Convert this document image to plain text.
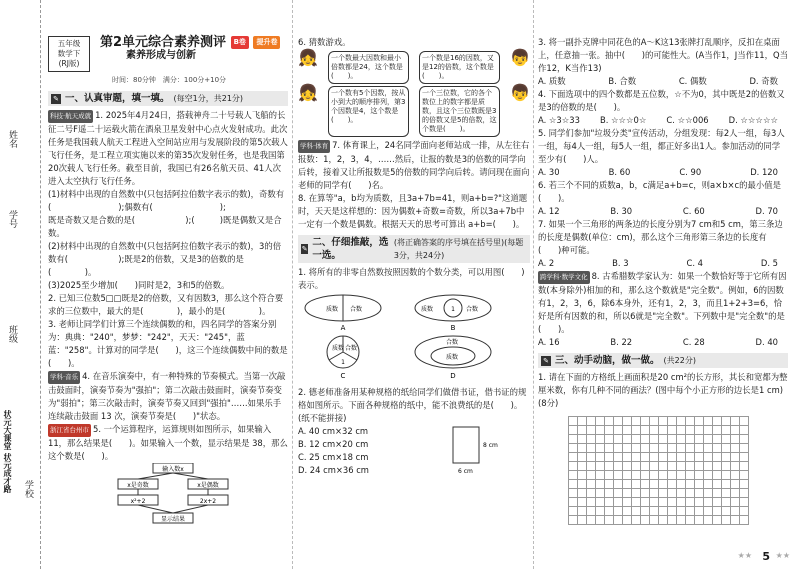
姓名
学号
班级
学校
状元大课堂 状元成才路
五年级
数学下
(RJ版)
第2单元综合素养测评 B卷 提升卷
素养形成与创新
时间：80分钟　满分：100分+10分
✎ 一、认真审题，填一填。 (每空1分，共21分)

科技·航天成就 1. 2025年4月24日，搭载神舟二十号载人飞船的长征二号F遥二十运载火箭在酒泉卫星发射中心点火发射成功。此次任务是我国载人航天工程进入空间站应用与发展阶段的第5次载人飞行任务，是工程立项实施以来的第35次发射任务，也是我国第20次载人飞行任务。截至目前，我国已有26名航天员、41人次进入太空执行飞行任务。

(1)材料中出现的自然数中(只包括阿拉伯数字表示的数)，奇数有(　　　　　　　　);偶数有(　　　　　　　　);

既是奇数又是合数的是(　　　　　　);(　　　)既是偶数又是合数。

(2)材料中出现的自然数中(只包括阿拉伯数字表示的数)，3的倍数有(　　　　　　);既是2的倍数，又是3的倍数的是(　　　　)。

(3)2025至少增加(　　)同时是2，3和5的倍数。

2. 已知三位数5□□既是2的倍数，又有因数3，那么这个符合要求的三位数中，最大的是(　　　　)，最小的是(　　　　)。

3. 老师让同学们计算三个连续偶数的和，四名同学的答案分别为：典典："240"，梦梦："242"，天天："245"，蓝蓝："258"。计算对的同学是(　　)，这三个连续偶数中间的数是(　　)。

学科·音乐 4. 在音乐演奏中，有一种特殊的节奏模式。当第一次敲击鼓面时，演奏节奏为"强拍"；第二次敲击鼓面时，演奏节奏变为"弱拍"；第三次敲击时，演奏节奏又回到"强拍"……如果乐手连续敲击鼓面 13 次，演奏节奏是(　　)"状态。

浙江省台州市 5. 一个运算程序，运算规则如图所示，如果输入 11，那么结果是(　　)。如果输入一个数，显示结果是 38，那么这个数是(　　)。

输入数x
x是奇数	x是偶数
x²+2	2x+2
显示结果

6. 猜数游戏。

👧	一个数最大因数和最小倍数都是24，这个数是(　　)。
一个数是16的因数，又是12的倍数，这个数是(　　)。
👦
👧	一个数有5个因数，按从小到大的顺序排列，第3个因数是4，这个数是(　　)。
一个三位数，它的各个数位上的数字都是质数，且这个三位数既是3的倍数又是5的倍数，这个数是(　　)。
👦

学科·体育 7. 体育课上，24名同学面向老师站成一排，从左往右报数：1，2，3，4，……然后，让报的数是3的倍数的同学向后转，接着又让所报数是5的倍数的同学向后转。请问现在面向老师的同学有(　　)名。

8. 在算等"a，b均为质数，且3a+7b=41，则a+b=?"这道题时，天天是这样想的：因为偶数+奇数=奇数，所以3a+7b中一定有一个数是偶数。根据天天的思考可算出 a+b=(　　)。

✎
二、仔细推敲，选一选。
(将正确答案的序号填在括号里)(每题3分，共24分)

1. 将所有的非零自然数按照因数的个数分类，可以用图(　　)表示。

质数 合数
A
1
质数	合数
B
质数 合数
1
C
合数
质数
D

2. 德老师准备用某种规格的纸给同学们做借书证，借书证的规格如图所示。下面各种规格的纸中，能不浪费纸的是(　　)。(纸不能拼接)

A. 40 cm×32 cm

B. 12 cm×20 cm

C. 25 cm×18 cm

D. 24 cm×36 cm

8 cm
6 cm

3. 将一副扑克牌中同花色的A～K这13张牌打乱顺序，反扣在桌面上，任意抽一张。抽中(　　)的可能性大。(A当作1，J当作11，Q当作12，K当作13)

A. 质数	B. 合数	C. 偶数	D. 奇数

4. 下面选项中的四个数都是五位数，☆不为0，其中既是2的倍数又是3的倍数的是(　　)。

A. ☆3☆33 B. ☆☆☆0☆ C. ☆☆006 D. ☆☆☆☆☆

5. 同学们参加"垃圾分类"宣传活动，分组发现：每2人一组，每3人一组，每4人一组，每5人一组，都正好多出1人。参加活动的同学至少有(　　)人。

A. 30	B. 60	C. 90	D. 120

6. 若三个不同的质数a，b，c满足a+b=c，则a×b×c的最小值是(　　)。

A. 12	B. 30	C. 60	D. 70

7. 如果一个三角形的两条边的长度分别为7 cm和5 cm，第三条边的长度是偶数(单位：cm)，那么这个三角形第三条边的长度有(　　)种可能。

A. 2	B. 3	C. 4	D. 5

跨学科·数学文化 8. 古希腊数学家认为：如果一个数恰好等于它所有因数(本身除外)相加的和，那么这个数就是"完全数"。例如，6的因数有1，2，3，6，除6本身外，还有1，2，3，而且1+2+3=6，恰好是所有因数的和，所以6就是"完全数"。下列数中是"完全数"的是(　　)。

A. 16	B. 22	C. 28	D. 40
✎ 三、动手动脑，做一做。 (共22分)

1. 请在下面的方格纸上画面积是20 cm²的长方形，其长和宽都为整厘米数，你有几种不同的画法？(图中每个小正方形的边长是1 cm)(8分)

★★ 5 ★★
